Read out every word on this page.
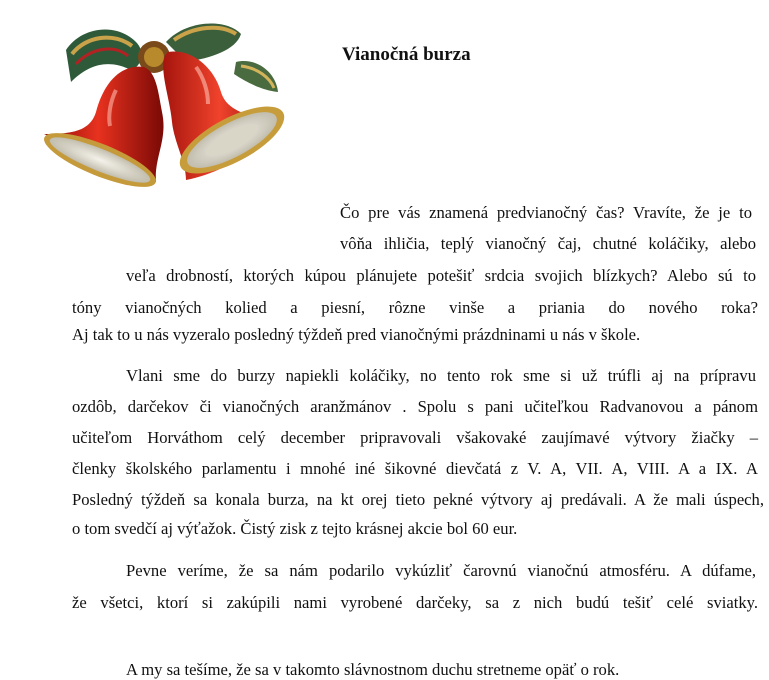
Vianočná burza
Čo pre vás znamená predvianočný čas? Vravíte, že je to
vôňa ihličia, teplý vianočný čaj, chutné koláčiky, alebo
veľa drobností, ktorých kúpou plánujete potešiť srdcia svojich blízkych? Alebo sú to
tóny vianočných kolied a piesní, rôzne vinše a priania do nového roka?
Aj tak to u nás vyzeralo posledný týždeň pred vianočnými prázdninami u nás v škole.
Vlani sme do burzy napiekli koláčiky, no tento rok sme si už trúfli aj na prípravu
ozdôb, darčekov či vianočných aranžmánov . Spolu s pani učiteľkou Radvanovou a pánom
učiteľom Horváthom celý december pripravovali všakovaké zaujímavé výtvory žiačky –
členky školského parlamentu i mnohé iné šikovné dievčatá z V. A, VII. A, VIII. A a IX. A
Posledný týždeň sa konala burza, na kt orej tieto pekné výtvory aj predávali. A že mali úspech,
o tom svedčí aj výťažok. Čistý zisk z tejto krásnej akcie bol 60 eur.
Pevne veríme, že sa nám podarilo vykúzliť čarovnú vianočnú atmosféru. A dúfame,
že všetci, ktorí si zakúpili nami vyrobené darčeky, sa z nich budú tešiť celé sviatky.
A my sa tešíme, že sa v takomto slávnostnom duchu stretneme opäť o rok.
